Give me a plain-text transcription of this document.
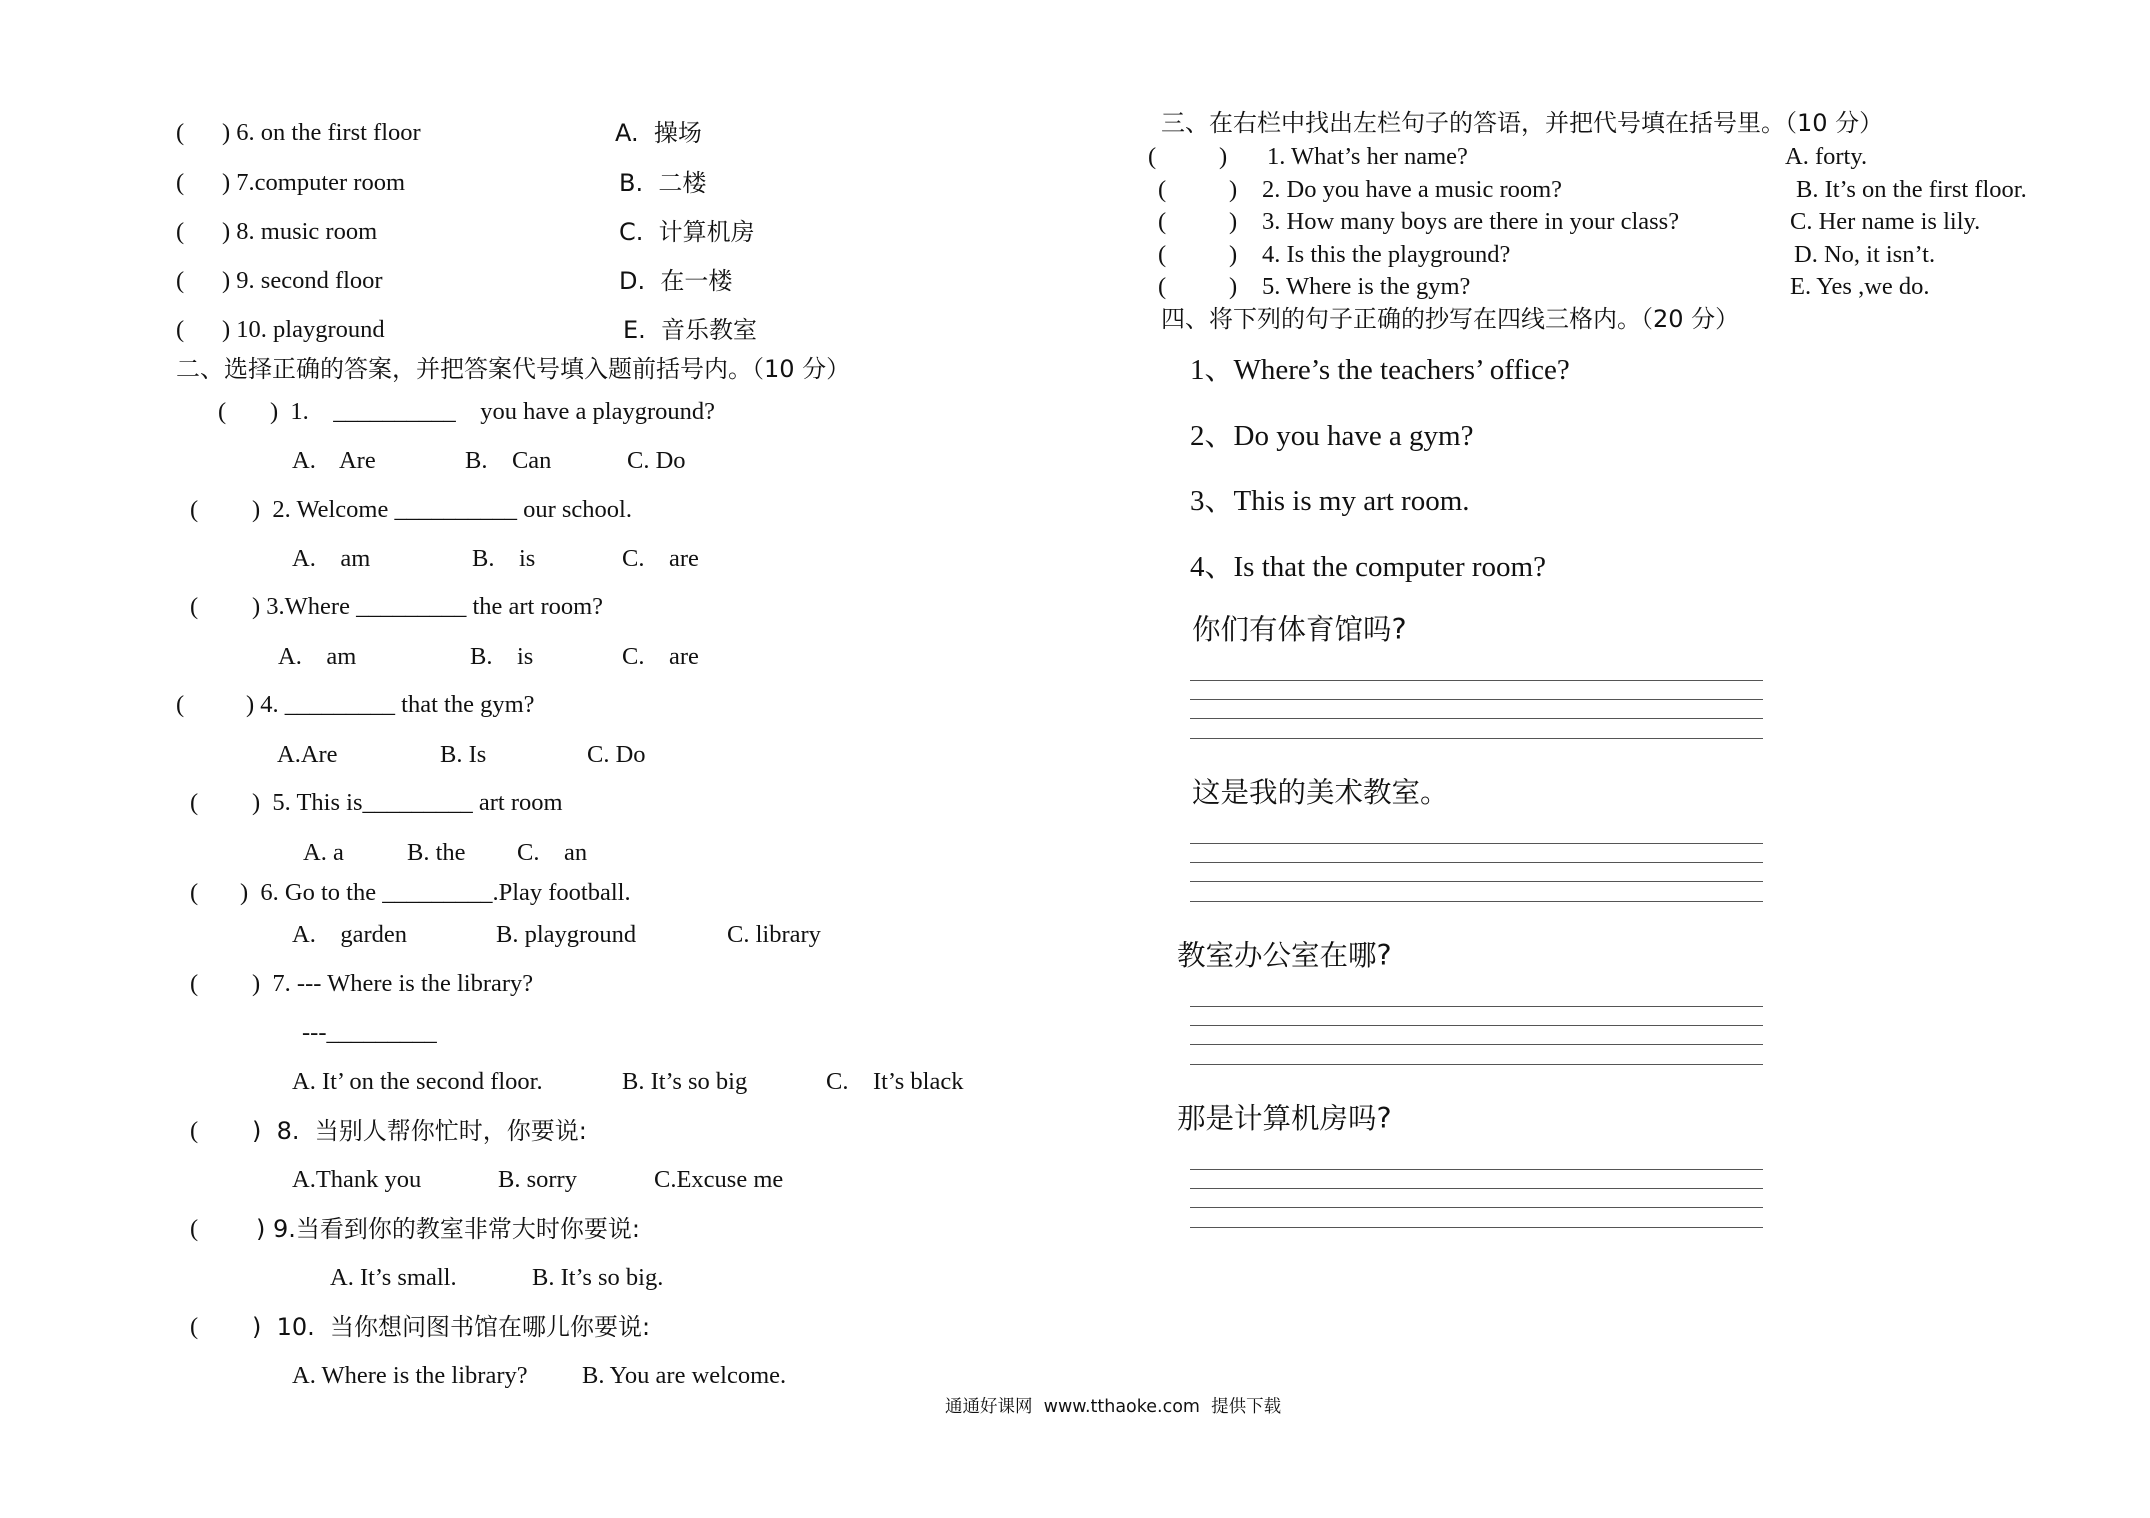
( ) 6. on the first floor	A.  操场
( ) 7.computer room	B.  二楼
( ) 8. music room	C.  计算机房
( ) 9. second floor	D.  在一楼
( ) 10. playground	E.  音乐教室
二、选择正确的答案，并把答案代号填入题前括号内。（10 分）
( )  1.    __________    you have a playground?
A.    Are	B.    Can	C. Do
( )  2. Welcome __________ our school.
A.    am	B.    is	C.    are
( ) 3.Where _________ the art room?
A.    am	B.    is	C.    are
(	) 4. _________ that the gym?
A.Are	B. Is	C. Do
( )  5. This is_________ art room
A. a	B. the C.    an
( )  6. Go to the _________.Play football.
A.    garden	B. playground	C. library
( )  7. --- Where is the library?
---_________
A. It’ on the second floor.	B. It’s so big	C.    It’s black
( )  8.  当别人帮你忙时，你要说:
A.Thank you	B. sorry	C.Excuse me
( ) 9.当看到你的教室非常大时你要说:
A. It’s small.	B. It’s so big.
( )  10.  当你想问图书馆在哪儿你要说:
A. Where is the library? B. You are welcome.
三、在右栏中找出左栏句子的答语，并把代号填在括号里。（10 分）
(	) 1. What’s her name?	A. forty.
(	) 2. Do you have a music room?	B. It’s on the first floor.
(	) 3. How many boys are there in your class?	C. Her name is lily.
(	) 4. Is this the playground?	D. No, it isn’t.
(	) 5. Where is the gym?	E. Yes ,we do.
四、将下列的句子正确的抄写在四线三格内。（20 分）
1、Where’s the teachers’ office?
2、Do you have a gym?
3、This is my art room.
4、Is that the computer room?
你们有体育馆吗?
这是我的美术教室。
教室办公室在哪?
那是计算机房吗?
通通好课网  www.tthaoke.com  提供下载
